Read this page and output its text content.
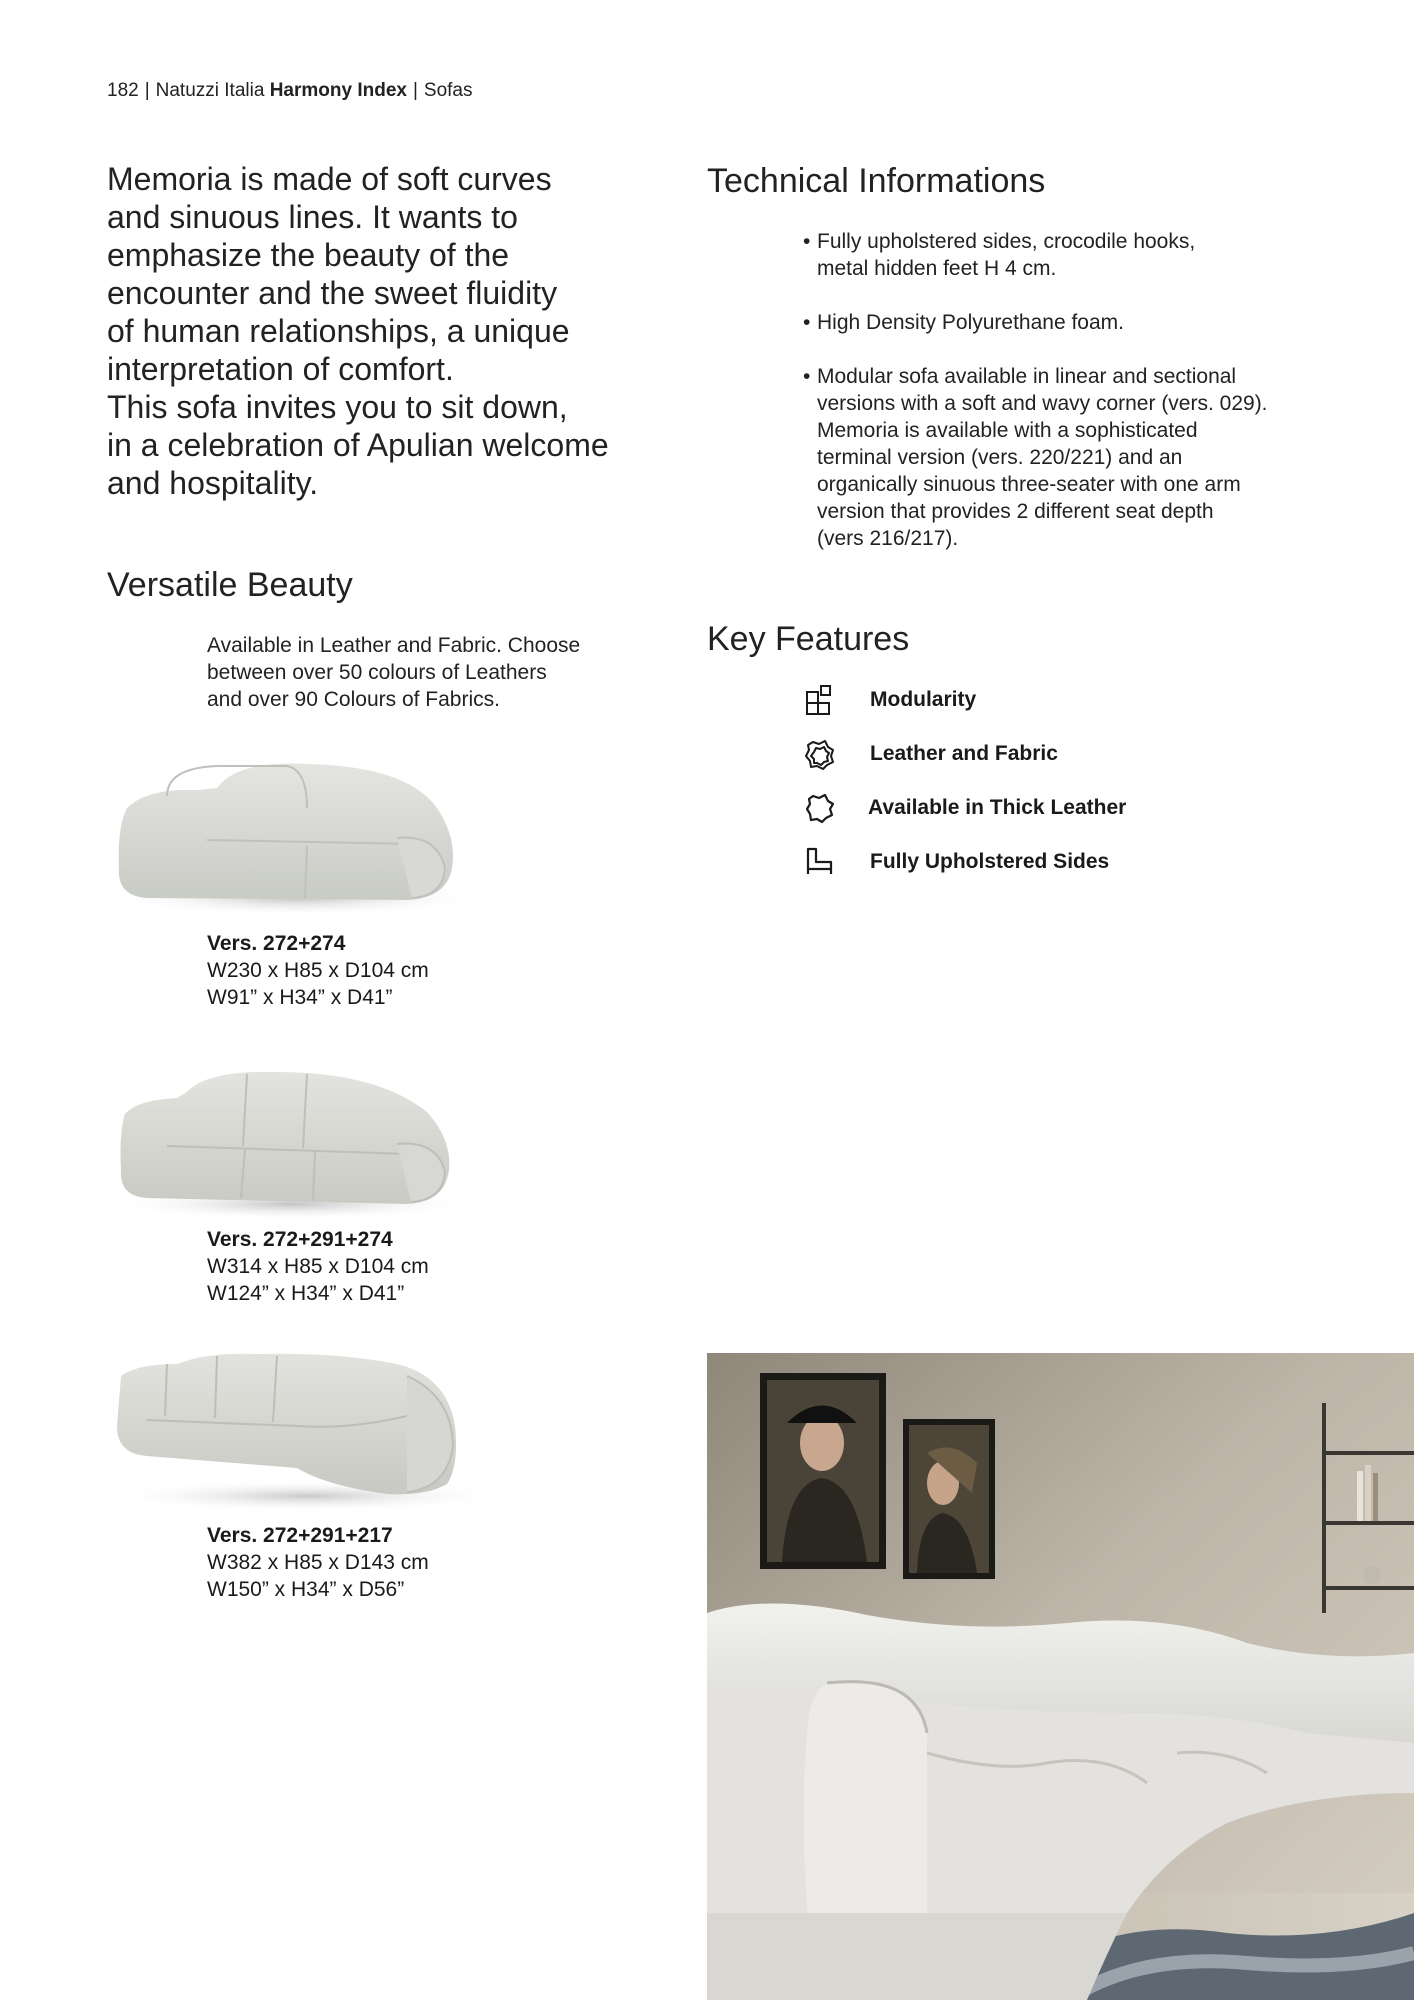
182 | Natuzzi Italia Harmony Index | Sofas

Memoria is made of soft curves

and sinuous lines. It wants to

emphasize the beauty of the

encounter and the sweet fluidity

of human relationships, a unique

interpretation of comfort.

This sofa invites you to sit down,

in a celebration of Apulian welcome

and hospitality.

Versatile Beauty
Available in Leather and Fabric. Choose
between over 50 colours of Leathers
and over 90 Colours of Fabrics.
Technical Informations
• Fully upholstered sides, crocodile hooks,
metal hidden feet H 4 cm.
• High Density Polyurethane foam.
• Modular sofa available in linear and sectional
versions with a soft and wavy corner (vers. 029).
Memoria is available with a sophisticated
terminal version (vers. 220/221) and an
organically sinuous three-seater with one arm
version that provides 2 different seat depth
(vers 216/217).
Key Features
Modularity
Leather and Fabric
Available in Thick Leather
Fully Upholstered Sides
Vers. 272+274
W230 x H85 x D104 cm
W91” x H34” x D41”
Vers. 272+291+274
W314 x H85 x D104 cm
W124” x H34” x D41”
Vers. 272+291+217
W382 x H85 x D143 cm
W150” x H34” x D56”
